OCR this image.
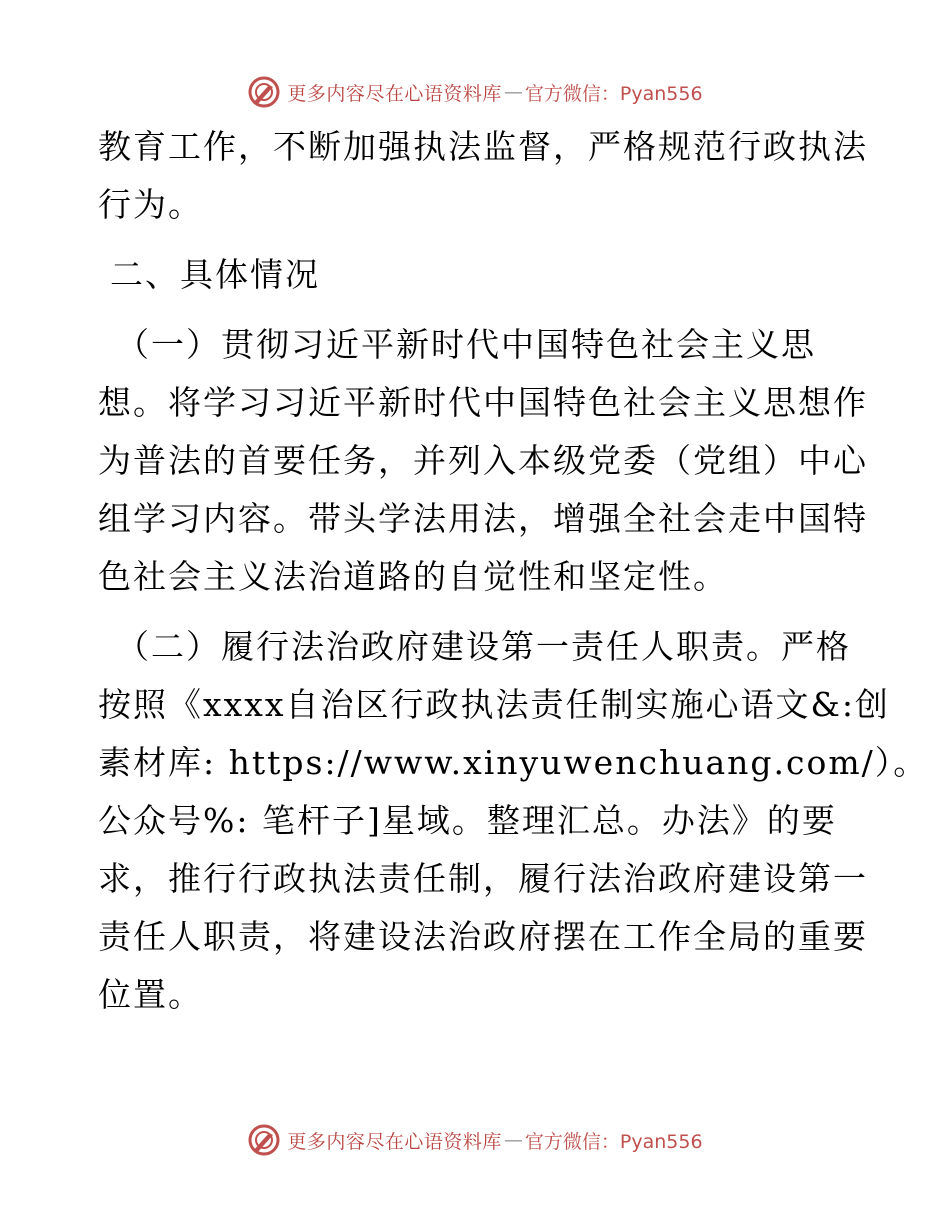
更多内容尽在心语资料库 — 官方微信：Pyan556
教育工作，不断加强执法监督，严格规范行政执法
行为。
二、具体情况
（一）贯彻习近平新时代中国特色社会主义思
想。将学习习近平新时代中国特色社会主义思想作
为普法的首要任务，并列入本级党委（党组）中心
组学习内容。带头学法用法，增强全社会走中国特
色社会主义法治道路的自觉性和坚定性。
（二）履行法治政府建设第一责任人职责。严格
按照《xxxx自治区行政执法责任制实施心语文&:创
素材库: https://www.xinyuwenchuang.com/）。
公众号%: 笔杆子]星域。整理汇总。办法》的要
求，推行行政执法责任制，履行法治政府建设第一
责任人职责，将建设法治政府摆在工作全局的重要
位置。
更多内容尽在心语资料库 — 官方微信：Pyan556
